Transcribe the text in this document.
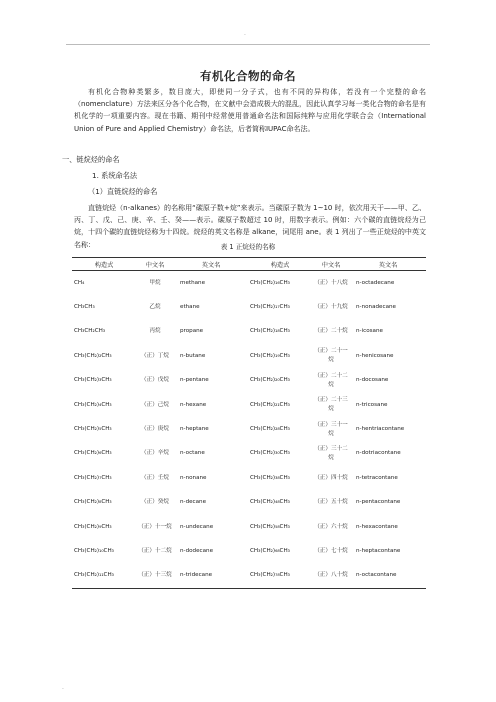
.
有机化合物的命名
有机化合物种类繁多，数目庞大，即使同一分子式，也有不同的异构体，若没有一个完整的命名（nomenclature）方法来区分各个化合物，在文献中会造成极大的混乱，因此认真学习每一类化合物的命名是有机化学的一项重要内容。现在书籍、期刊中经常使用普通命名法和国际纯粹与应用化学联合会（International Union of Pure and Applied Chemistry）命名法，后者简称IUPAC命名法。
一、链烷烃的命名
1. 系统命名法
（1）直链烷烃的命名
直链烷烃（n-alkanes）的名称用“碳原子数+烷”来表示。当碳原子数为 1~10 时，依次用天干——甲、乙、丙、丁、戊、己、庚、辛、壬、癸——表示。碳原子数超过 10 时，用数字表示。例如：六个碳的直链烷烃为己烷，十四个碳的直链烷烃称为十四烷。烷烃的英文名称是 alkane，词尾用 ane。表 1 列出了一些正烷烃的中英文名称：	表 1 正烷烃的名称
构造式	中文名	英文名	构造式	中文名	英文名
CH₄	甲烷	methane	CH₃(CH₂)₁₆CH₃	（正）十八烷	n-octadecane
CH₃CH₃	乙烷	ethane	CH₃(CH₂)₁₇CH₃	（正）十九烷	n-nonadecane
CH₃CH₂CH₃	丙烷	propane	CH₃(CH₂)₁₈CH₃	（正）二十烷	n-icosane
CH₃(CH₂)₂CH₃	（正）丁烷	n-butane	CH₃(CH₂)₁₉CH₃	（正）二十一烷	n-henicosane
CH₃(CH₂)₃CH₃	（正）戊烷	n-pentane	CH₃(CH₂)₂₀CH₃	（正）二十二烷	n-docosane
CH₃(CH₂)₄CH₃	（正）己烷	n-hexane	CH₃(CH₂)₂₁CH₃	（正）二十三烷	n-tricosane
CH₃(CH₂)₅CH₃	（正）庚烷	n-heptane	CH₃(CH₂)₂₈CH₃	（正）三十一烷	n-hentriacontane
CH₃(CH₂)₆CH₃	（正）辛烷	n-octane	CH₃(CH₂)₃₀CH₃	（正）三十二烷	n-dotriacontane
CH₃(CH₂)₇CH₃	（正）壬烷	n-nonane	CH₃(CH₂)₃₈CH₃	（正）四十烷	n-tetracontane
CH₃(CH₂)₈CH₃	（正）癸烷	n-decane	CH₃(CH₂)₄₈CH₃	（正）五十烷	n-pentacontane
CH₃(CH₂)₉CH₃	（正）十一烷	n-undecane	CH₃(CH₂)₅₈CH₃	（正）六十烷	n-hexacontane
CH₃(CH₂)₁₀CH₃	（正）十二烷	n-dodecane	CH₃(CH₂)₆₈CH₃	（正）七十烷	n-heptacontane
CH₃(CH₂)₁₁CH₃	（正）十三烷	n-tridecane	CH₃(CH₂)₇₈CH₃	（正）八十烷	n-octacontane
.
